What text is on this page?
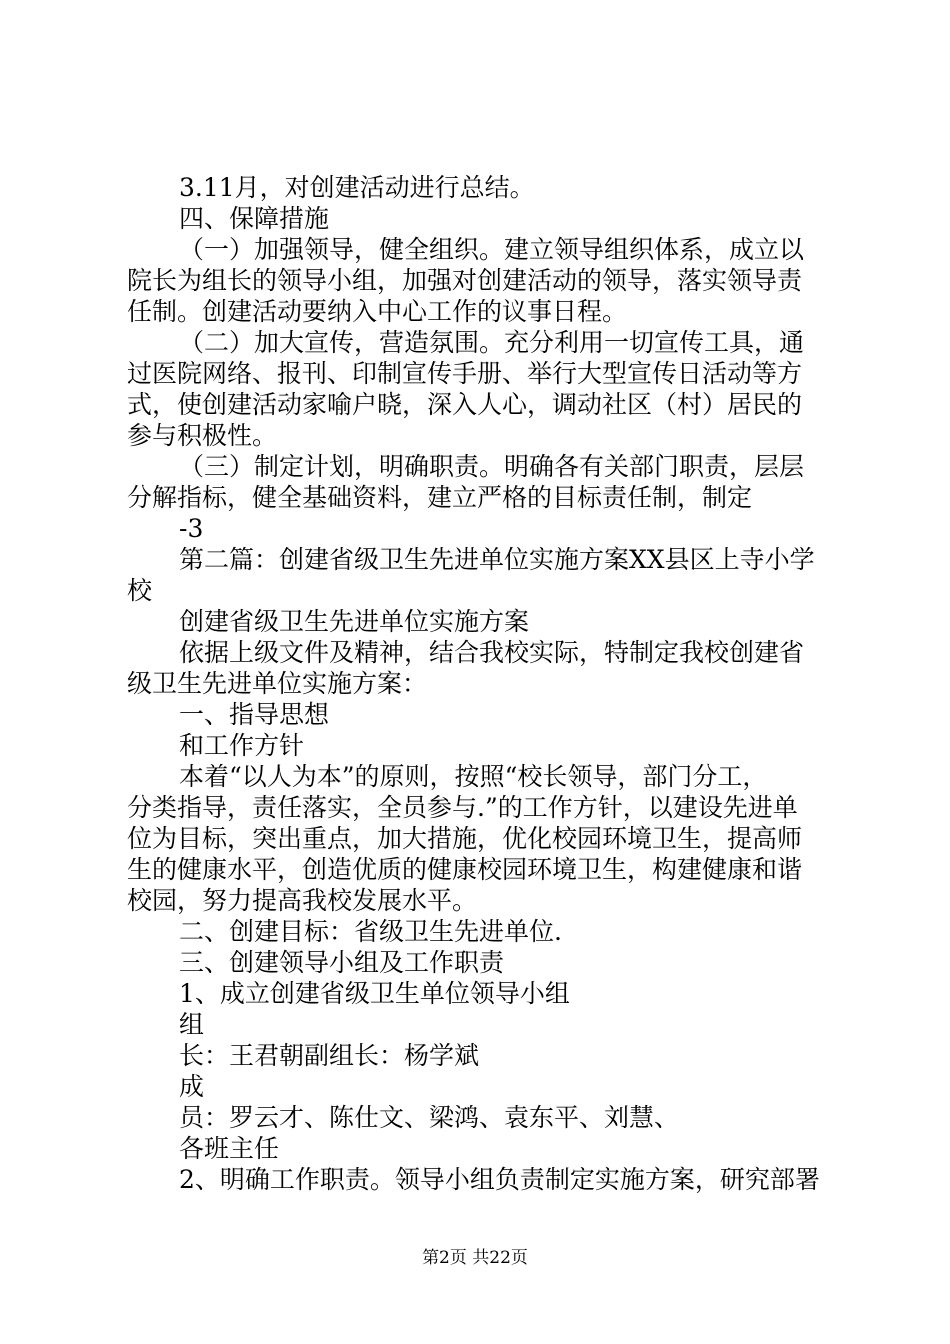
3.11月，对创建活动进行总结。

四、保障措施

（一）加强领导，健全组织。建立领导组织体系，成立以

院长为组长的领导小组，加强对创建活动的领导，落实领导责

任制。创建活动要纳入中心工作的议事日程。

（二）加大宣传，营造氛围。充分利用一切宣传工具，通

过医院网络、报刊、印制宣传手册、举行大型宣传日活动等方

式，使创建活动家喻户晓，深入人心，调动社区（村）居民的

参与积极性。

（三）制定计划，明确职责。明确各有关部门职责，层层

分解指标，健全基础资料，建立严格的目标责任制，制定

-3

第二篇：创建省级卫生先进单位实施方案XX县区上寺小学

校

创建省级卫生先进单位实施方案

依据上级文件及精神，结合我校实际，特制定我校创建省

级卫生先进单位实施方案：

一、指导思想

和工作方针

本着“以人为本”的原则，按照“校长领导，部门分工，

分类指导，责任落实，全员参与.”的工作方针，以建设先进单

位为目标，突出重点，加大措施，优化校园环境卫生，提高师

生的健康水平，创造优质的健康校园环境卫生，构建健康和谐

校园，努力提高我校发展水平。

二、创建目标：省级卫生先进单位.

三、创建领导小组及工作职责

1、成立创建省级卫生单位领导小组

组

长：王君朝副组长：杨学斌

成

员：罗云才、陈仕文、梁鸿、袁东平、刘慧、

各班主任

2、明确工作职责。领导小组负责制定实施方案，研究部署

第2页 共22页
